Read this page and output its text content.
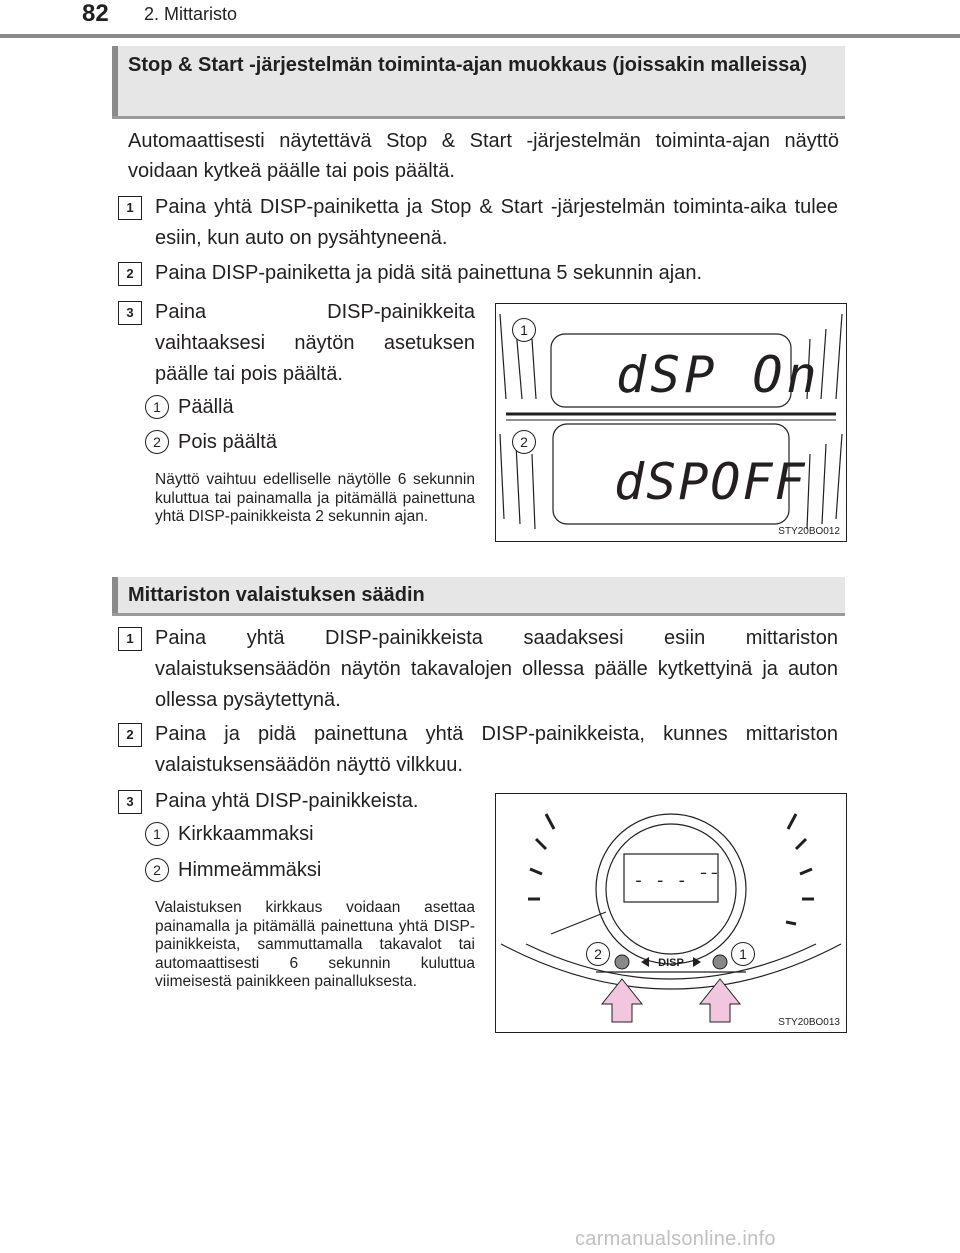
82 2. Mittaristo
Stop & Start -järjestelmän toiminta-ajan muokkaus (joissakin malleissa)
Automaattisesti näytettävä Stop & Start -järjestelmän toiminta-ajan näyttö voidaan kytkeä päälle tai pois päältä.
1	Paina yhtä DISP-painiketta ja Stop & Start -järjestelmän toiminta-aika tulee esiin, kun auto on pysähtyneenä.
2	Paina DISP-painiketta ja pidä sitä painettuna 5 sekunnin ajan.
3	Paina DISP-painikkeita vaihtaaksesi näytön asetuksen päälle tai pois päältä.
1 Päällä
2 Pois päältä
Näyttö vaihtuu edelliselle näytölle 6 sekunnin kuluttua tai painamalla ja pitämällä painettuna yhtä DISP-painikkeista 2 sekunnin ajan.
dSP On
dSPOFF
1
2
STY20BO012
Mittariston valaistuksen säädin
1	Paina yhtä DISP-painikkeista saadaksesi esiin mittariston valaistuksensäädön näytön takavalojen ollessa päälle kytkettyinä ja auton ollessa pysäytettynä.
2	Paina ja pidä painettuna yhtä DISP-painikkeista, kunnes mittariston valaistuksensäädön näyttö vilkkuu.
3	Paina yhtä DISP-painikkeista.
1 Kirkkaammaksi
2 Himmeämmäksi
Valaistuksen kirkkaus voidaan asettaa painamalla ja pitämällä painettuna yhtä DISP-painikkeista, sammuttamalla takavalot tai automaattisesti 6 sekunnin kuluttua viimeisestä painikkeen painalluksesta.
- - - ̄ ̄
DISP
2	1
STY20BO013
carmanualsonline.info
